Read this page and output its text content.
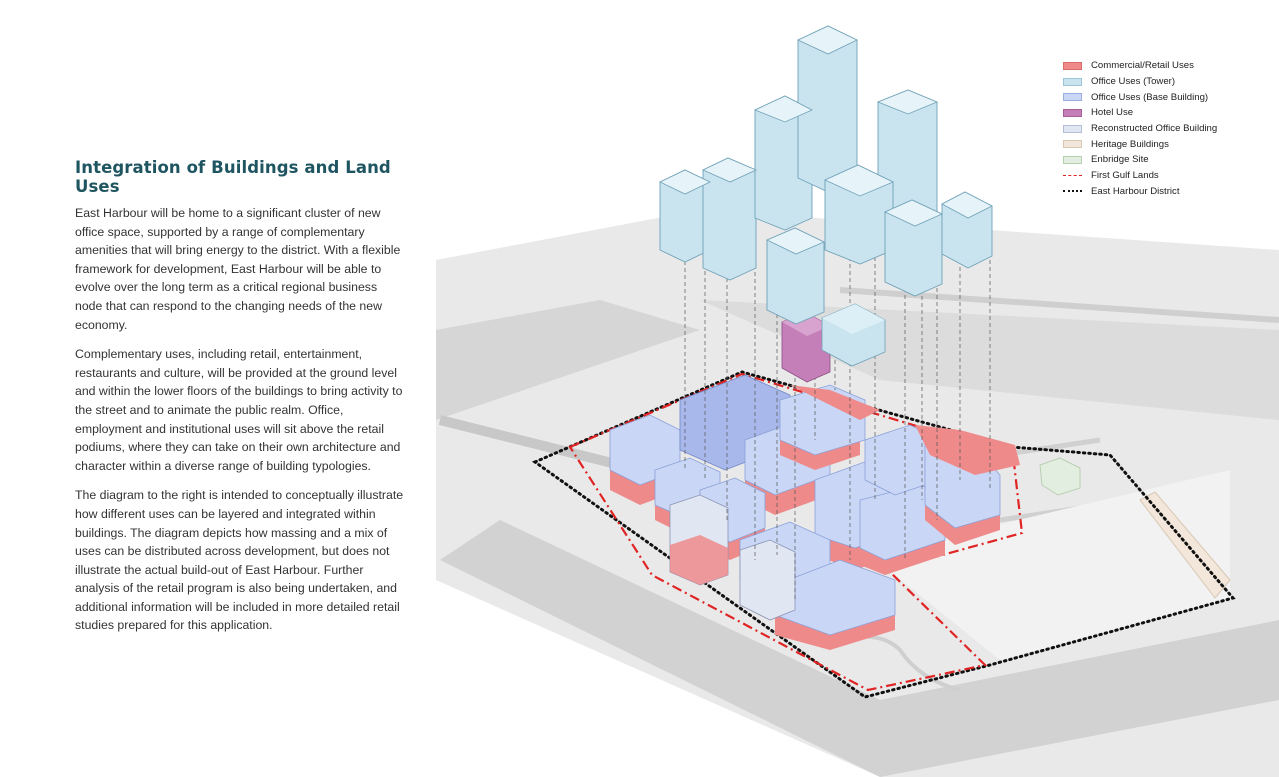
Integration of Buildings and Land Uses

East Harbour will be home to a significant cluster of new office space, supported by a range of complementary amenities that will bring energy to the district. With a flexible framework for development, East Harbour will be able to evolve over the long term as a critical regional business node that can respond to the changing needs of the new economy.

Complementary uses, including retail, entertainment, restaurants and culture, will be provided at the ground level and within the lower floors of the buildings to bring activity to the street and to animate the public realm. Office, employment and institutional uses will sit above the retail podiums, where they can take on their own architecture and character within a diverse range of building typologies.

The diagram to the right is intended to conceptually illustrate how different uses can be layered and integrated within buildings. The diagram depicts how massing and a mix of uses can be distributed across development, but does not illustrate the actual build-out of East Harbour. Further analysis of the retail program is also being undertaken, and additional information will be included in more detailed retail studies prepared for this application.

Commercial/Retail Uses
Office Uses (Tower)
Office Uses (Base Building)
Hotel Use
Reconstructed Office Building
Heritage Buildings
Enbridge Site
First Gulf Lands
East Harbour District
